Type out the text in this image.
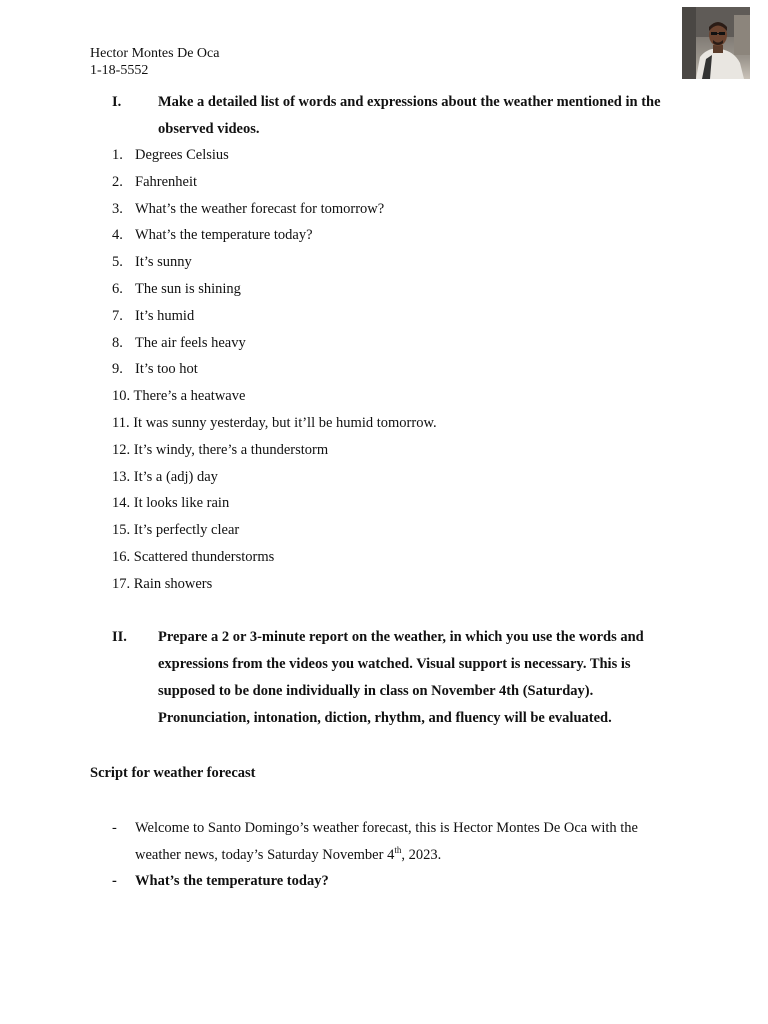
Hector Montes De Oca
1-18-5552
I.	Make a detailed list of words and expressions about the weather mentioned in the observed videos.
1. Degrees Celsius
2. Fahrenheit
3. What’s the weather forecast for tomorrow?
4. What’s the temperature today?
5. It’s sunny
6. The sun is shining
7. It’s humid
8. The air feels heavy
9. It’s too hot
10. There’s a heatwave
11. It was sunny yesterday, but it’ll be humid tomorrow.
12. It’s windy, there’s a thunderstorm
13. It’s a (adj) day
14. It looks like rain
15. It’s perfectly clear
16. Scattered thunderstorms
17. Rain showers
II.	Prepare a 2 or 3-minute report on the weather, in which you use the words and expressions from the videos you watched. Visual support is necessary. This is supposed to be done individually in class on November 4th (Saturday). Pronunciation, intonation, diction, rhythm, and fluency will be evaluated.
Script for weather forecast
- Welcome to Santo Domingo’s weather forecast, this is Hector Montes De Oca with the weather news, today’s Saturday November 4th, 2023.
- What’s the temperature today?
